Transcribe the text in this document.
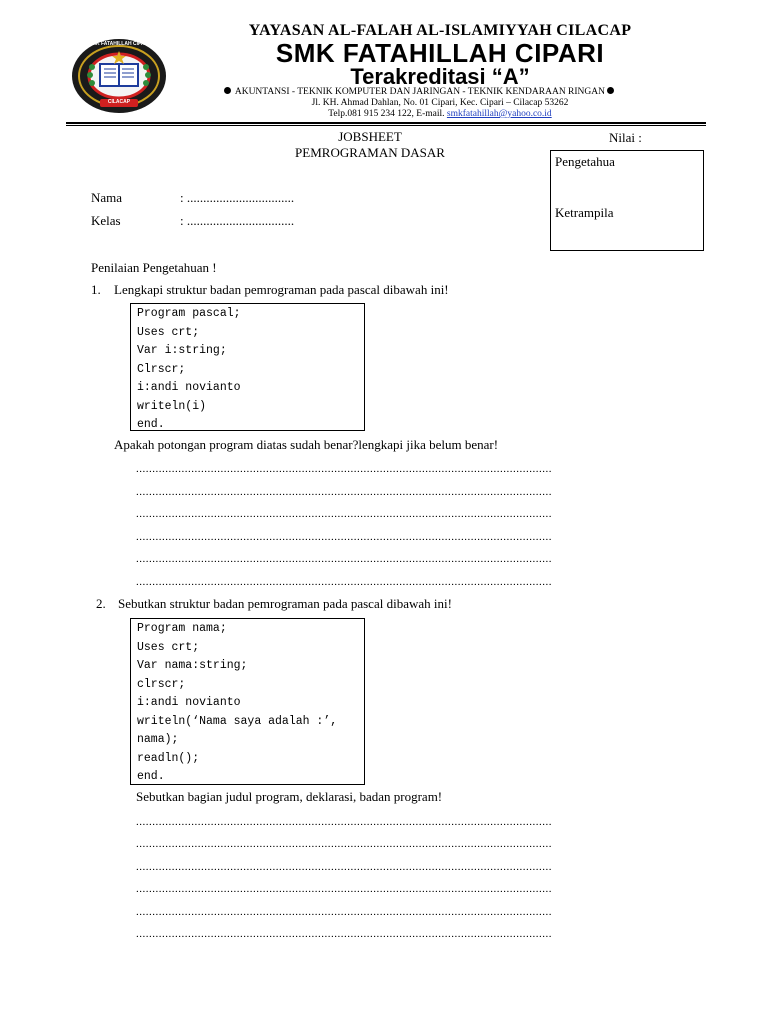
SMK FATAHILLAH CIPARI
CILACAP
YAYASAN AL-FALAH AL-ISLAMIYYAH CILACAP
SMK FATAHILLAH CIPARI
Terakreditasi “A”
AKUNTANSI - TEKNIK KOMPUTER DAN JARINGAN - TEKNIK KENDARAAN RINGAN
Jl. KH. Ahmad Dahlan, No. 01 Cipari, Kec. Cipari – Cilacap 53262
Telp.081 915 234 122, E-mail. smkfatahillah@yahoo.co.id
JOBSHEET
PEMROGRAMAN DASAR
Nilai :
Pengetahua
Ketrampila
Nama	: .................................
Kelas	: .................................
Penilaian Pengetahuan !
1. Lengkapi struktur badan pemrograman pada pascal dibawah ini!
Program pascal;
Uses crt;
Var i:string;
Clrscr;
i:andi novianto
writeln(i)
end.
Apakah potongan program diatas sudah benar?lengkapi jika belum benar!
................................................................................................................................
................................................................................................................................
................................................................................................................................
................................................................................................................................
................................................................................................................................
................................................................................................................................
2. Sebutkan struktur badan pemrograman pada pascal dibawah ini!
Program nama;
Uses crt;
Var nama:string;
clrscr;
i:andi novianto
writeln(‘Nama saya adalah :’,
nama);
readln();
end.
Sebutkan bagian judul program, deklarasi, badan program!
................................................................................................................................
................................................................................................................................
................................................................................................................................
................................................................................................................................
................................................................................................................................
................................................................................................................................
